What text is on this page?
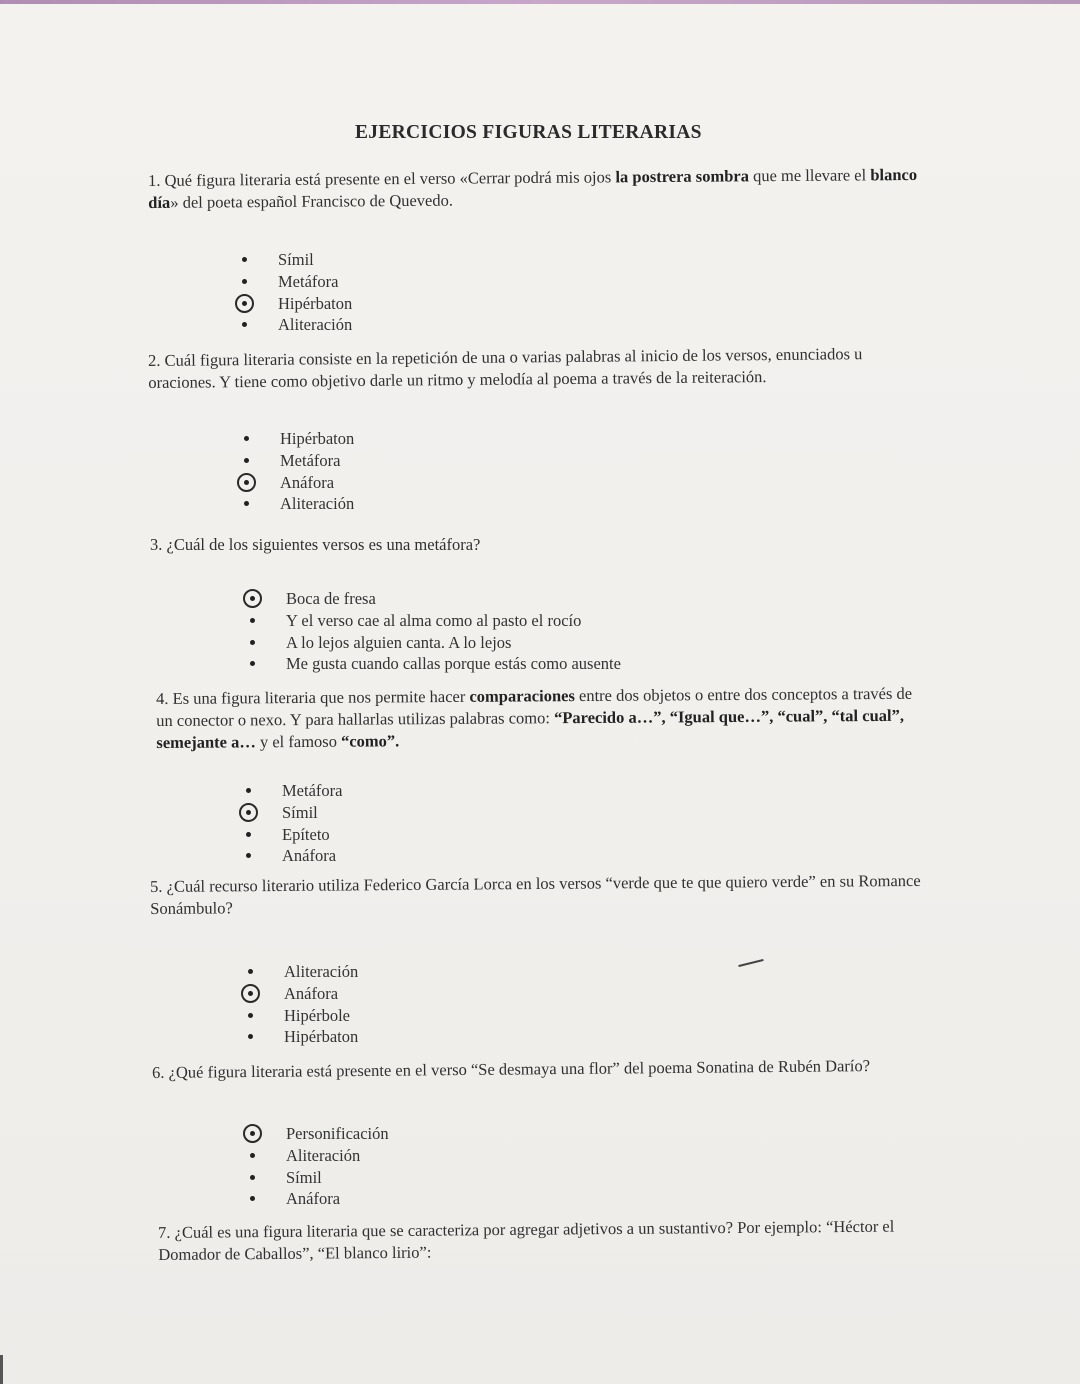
EJERCICIOS FIGURAS LITERARIAS
1. Qué figura literaria está presente en el verso «Cerrar podrá mis ojos la postrera sombra que me llevare el blanco día» del poeta español Francisco de Quevedo.
Símil
Metáfora
Hipérbaton
Aliteración
2. Cuál figura literaria consiste en la repetición de una o varias palabras al inicio de los versos, enunciados u oraciones. Y tiene como objetivo darle un ritmo y melodía al poema a través de la reiteración.
Hipérbaton
Metáfora
Anáfora
Aliteración
3. ¿Cuál de los siguientes versos es una metáfora?
Boca de fresa
Y el verso cae al alma como al pasto el rocío
A lo lejos alguien canta. A lo lejos
Me gusta cuando callas porque estás como ausente
4. Es una figura literaria que nos permite hacer comparaciones entre dos objetos o entre dos conceptos a través de un conector o nexo. Y para hallarlas utilizas palabras como: “Parecido a…”, “Igual que…”, “cual”, “tal cual”, semejante a… y el famoso “como”.
Metáfora
Símil
Epíteto
Anáfora
5. ¿Cuál recurso literario utiliza Federico García Lorca en los versos “verde que te que quiero verde” en su Romance Sonámbulo?
Aliteración
Anáfora
Hipérbole
Hipérbaton
6. ¿Qué figura literaria está presente en el verso “Se desmaya una flor” del poema Sonatina de Rubén Darío?
Personificación
Aliteración
Símil
Anáfora
7. ¿Cuál es una figura literaria que se caracteriza por agregar adjetivos a un sustantivo? Por ejemplo: “Héctor el Domador de Caballos”, “El blanco lirio”:
